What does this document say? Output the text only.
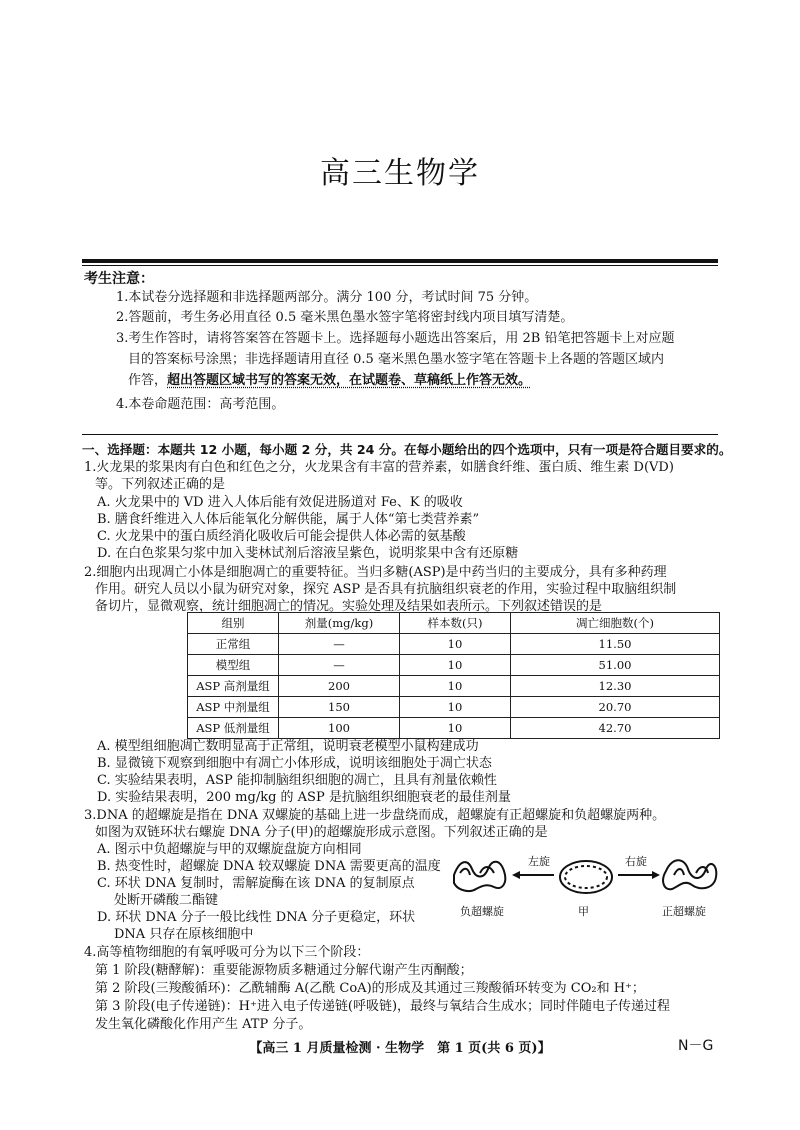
高三生物学
考生注意：
1.本试卷分选择题和非选择题两部分。满分 100 分，考试时间 75 分钟。
2.答题前，考生务必用直径 0.5 毫米黑色墨水签字笔将密封线内项目填写清楚。
3.考生作答时，请将答案答在答题卡上。选择题每小题选出答案后，用 2B 铅笔把答题卡上对应题
目的答案标号涂黑；非选择题请用直径 0.5 毫米黑色墨水签字笔在答题卡上各题的答题区域内
作答，超出答题区域书写的答案无效，在试题卷、草稿纸上作答无效。
4.本卷命题范围：高考范围。
一、选择题：本题共 12 小题，每小题 2 分，共 24 分。在每小题给出的四个选项中，只有一项是符合题目要求的。
1.火龙果的浆果肉有白色和红色之分，火龙果含有丰富的营养素，如膳食纤维、蛋白质、维生素 D(VD)
等。下列叙述正确的是
A. 火龙果中的 VD 进入人体后能有效促进肠道对 Fe、K 的吸收
B. 膳食纤维进入人体后能氧化分解供能，属于人体“第七类营养素”
C. 火龙果中的蛋白质经消化吸收后可能会提供人体必需的氨基酸
D. 在白色浆果匀浆中加入斐林试剂后溶液呈紫色，说明浆果中含有还原糖
2.细胞内出现凋亡小体是细胞凋亡的重要特征。当归多糖(ASP)是中药当归的主要成分，具有多种药理
作用。研究人员以小鼠为研究对象，探究 ASP 是否具有抗脑组织衰老的作用，实验过程中取脑组织制
备切片，显微观察，统计细胞凋亡的情况。实验处理及结果如表所示。下列叙述错误的是
组别	剂量(mg/kg)	样本数(只)	凋亡细胞数(个)
正常组	—	10	11.50
模型组	—	10	51.00
ASP 高剂量组	200	10	12.30
ASP 中剂量组	150	10	20.70
ASP 低剂量组	100	10	42.70
A. 模型组细胞凋亡数明显高于正常组，说明衰老模型小鼠构建成功
B. 显微镜下观察到细胞中有凋亡小体形成，说明该细胞处于凋亡状态
C. 实验结果表明，ASP 能抑制脑组织细胞的凋亡，且具有剂量依赖性
D. 实验结果表明，200 mg/kg 的 ASP 是抗脑组织细胞衰老的最佳剂量
3.DNA 的超螺旋是指在 DNA 双螺旋的基础上进一步盘绕而成，超螺旋有正超螺旋和负超螺旋两种。
如图为双链环状右螺旋 DNA 分子(甲)的超螺旋形成示意图。下列叙述正确的是
A. 图示中负超螺旋与甲的双螺旋盘旋方向相同
B. 热变性时，超螺旋 DNA 较双螺旋 DNA 需要更高的温度
C. 环状 DNA 复制时，需解旋酶在该 DNA 的复制原点
处断开磷酸二酯键
D. 环状 DNA 分子一般比线性 DNA 分子更稳定，环状
DNA 只存在原核细胞中
左旋	右旋
负超螺旋	甲	正超螺旋
4.高等植物细胞的有氧呼吸可分为以下三个阶段：
第 1 阶段(糖酵解)：重要能源物质多糖通过分解代谢产生丙酮酸；
第 2 阶段(三羧酸循环)：乙酰辅酶 A(乙酰 CoA)的形成及其通过三羧酸循环转变为 CO₂和 H⁺；
第 3 阶段(电子传递链)：H⁺进入电子传递链(呼吸链)，最终与氧结合生成水；同时伴随电子传递过程
发生氧化磷酸化作用产生 ATP 分子。
【高三 1 月质量检测 · 生物学　第 1 页(共 6 页)】	N－G
